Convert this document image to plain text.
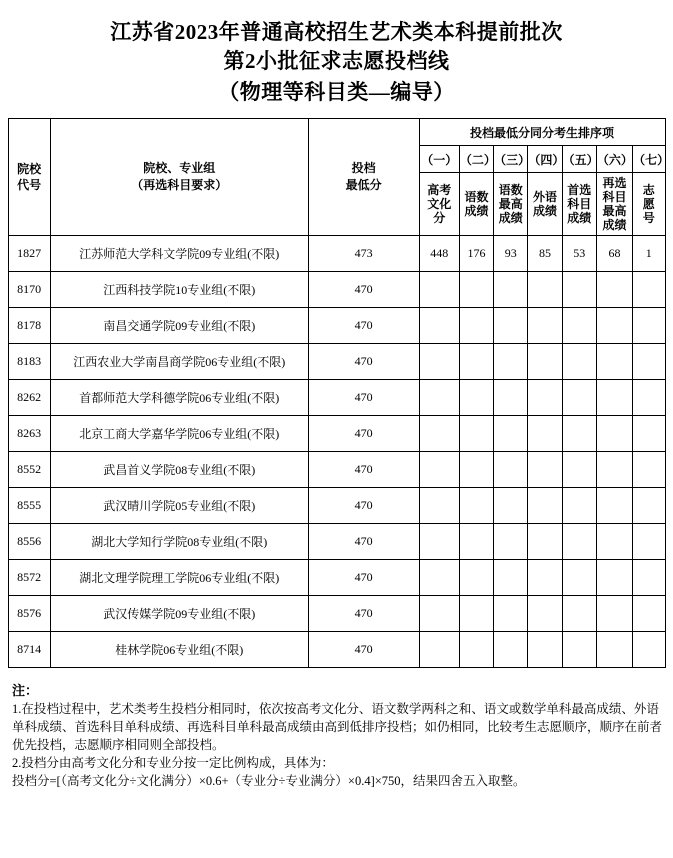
江苏省2023年普通高校招生艺术类本科提前批次
第2小批征求志愿投档线
（物理等科目类—编导）
院校
代号	院校、专业组
（再选科目要求）	投档
最低分	投档最低分同分考生排序项						
			（一）	（二）	（三）	（四）	（五）	（六）	（七）
			高考 文化 分	语数 成绩	语数 最高 成绩	外语 成绩	首选 科目 成绩	再选 科目 最高 成绩	志 愿 号
1827	江苏师范大学科文学院09专业组(不限)	473	448	176	93	85	53	68	1
8170	江西科技学院10专业组(不限)	470							
8178	南昌交通学院09专业组(不限)	470							
8183	江西农业大学南昌商学院06专业组(不限)	470							
8262	首都师范大学科德学院06专业组(不限)	470							
8263	北京工商大学嘉华学院06专业组(不限)	470							
8552	武昌首义学院08专业组(不限)	470							
8555	武汉晴川学院05专业组(不限)	470							
8556	湖北大学知行学院08专业组(不限)	470							
8572	湖北文理学院理工学院06专业组(不限)	470							
8576	武汉传媒学院09专业组(不限)	470							
8714	桂林学院06专业组(不限)	470							

注：

1.在投档过程中，艺术类考生投档分相同时，依次按高考文化分、语文数学两科之和、语文或数学单科最高成绩、外语单科成绩、首选科目单科成绩、再选科目单科最高成绩由高到低排序投档；如仍相同，比较考生志愿顺序，顺序在前者优先投档，志愿顺序相同则全部投档。

2.投档分由高考文化分和专业分按一定比例构成，具体为：

投档分=[（高考文化分÷文化满分）×0.6+（专业分÷专业满分）×0.4]×750，结果四舍五入取整。
